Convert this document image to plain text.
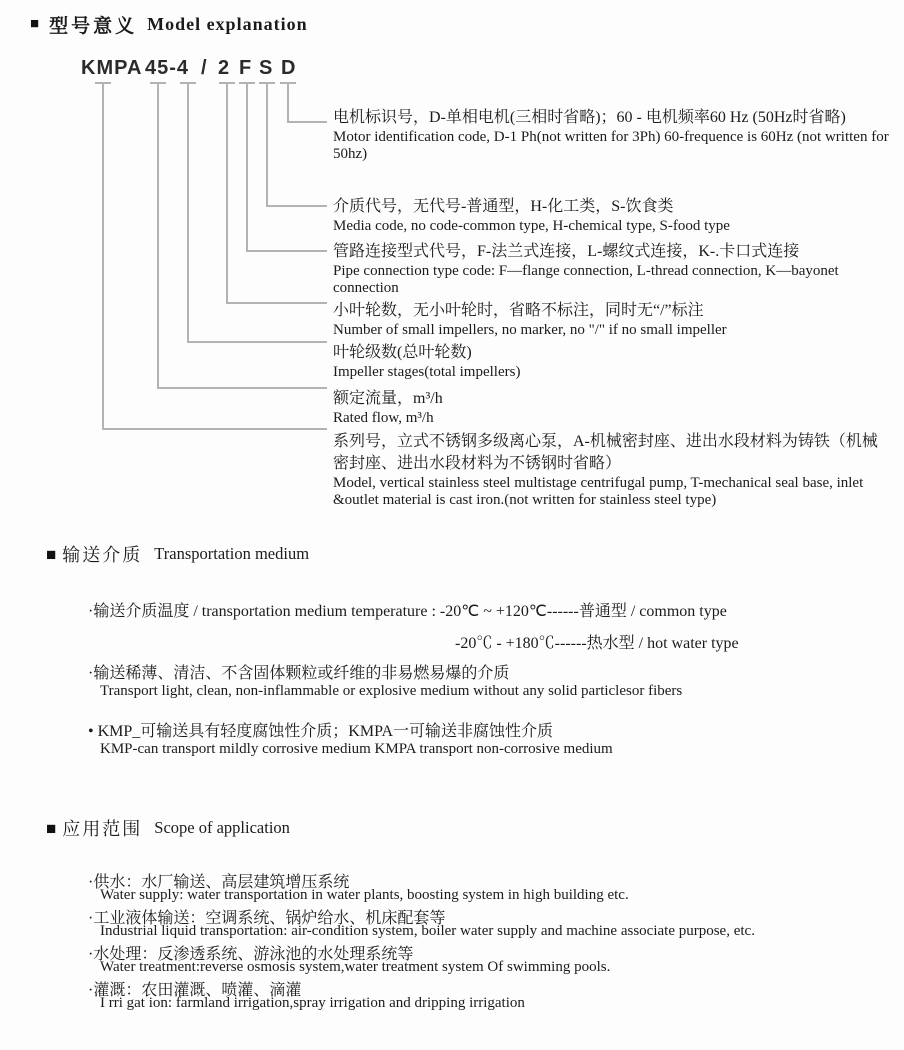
■ 型号意义 Model explanation
KMPA 45-4 / 2 F S D
电机标识号，D-单相电机(三相时省略)；60 - 电机频率60 Hz (50Hz时省略)
Motor identification code, D-1 Ph(not written for 3Ph) 60-frequence is 60Hz (not written for 50hz)
介质代号，无代号-普通型，H-化工类，S-饮食类
Media code, no code-common type, H-chemical type, S-food type
管路连接型式代号，F-法兰式连接，L-螺纹式连接，K-.卡口式连接
Pipe connection type code: F—flange connection, L-thread connection, K—bayonet connection
小叶轮数，无小叶轮时，省略不标注，同时无“/”标注
Number of small impellers, no marker, no "/" if no small impeller
叶轮级数(总叶轮数)
Impeller stages(total impellers)
额定流量，m³/h
Rated flow, m³/h
系列号，立式不锈钢多级离心泵，A-机械密封座、进出水段材料为铸铁（机械密封座、进出水段材料为不锈钢时省略）
Model, vertical stainless steel multistage centrifugal pump, T-mechanical seal base, inlet &outlet material is cast iron.(not written for stainless steel type)
■ 输送介质 Transportation medium
·输送介质温度 / transportation medium temperature : -20℃ ~ +120℃------普通型 / common type
-20℃ - +180℃------热水型 / hot water type
·输送稀薄、清洁、不含固体颗粒或纤维的非易燃易爆的介质
Transport light, clean, non-inflammable or explosive medium without any solid particlesor fibers
• KMP_可输送具有轻度腐蚀性介质；KMPA一可输送非腐蚀性介质
KMP-can transport mildly corrosive medium KMPA transport non-corrosive medium
■ 应用范围 Scope of application
·供水：水厂输送、高层建筑增压系统
Water supply: water transportation in water plants, boosting system in high building etc.
·工业液体输送：空调系统、锅炉给水、机床配套等
Industrial liquid transportation: air-condition system, boiler water supply and machine associate purpose, etc.
·水处理：反渗透系统、游泳池的水处理系统等
Water treatment:reverse osmosis system,water treatment system Of swimming pools.
·灌溉：农田灌溉、喷灌、滴灌
I rri gat ion: farmland irrigation,spray irrigation and dripping irrigation
